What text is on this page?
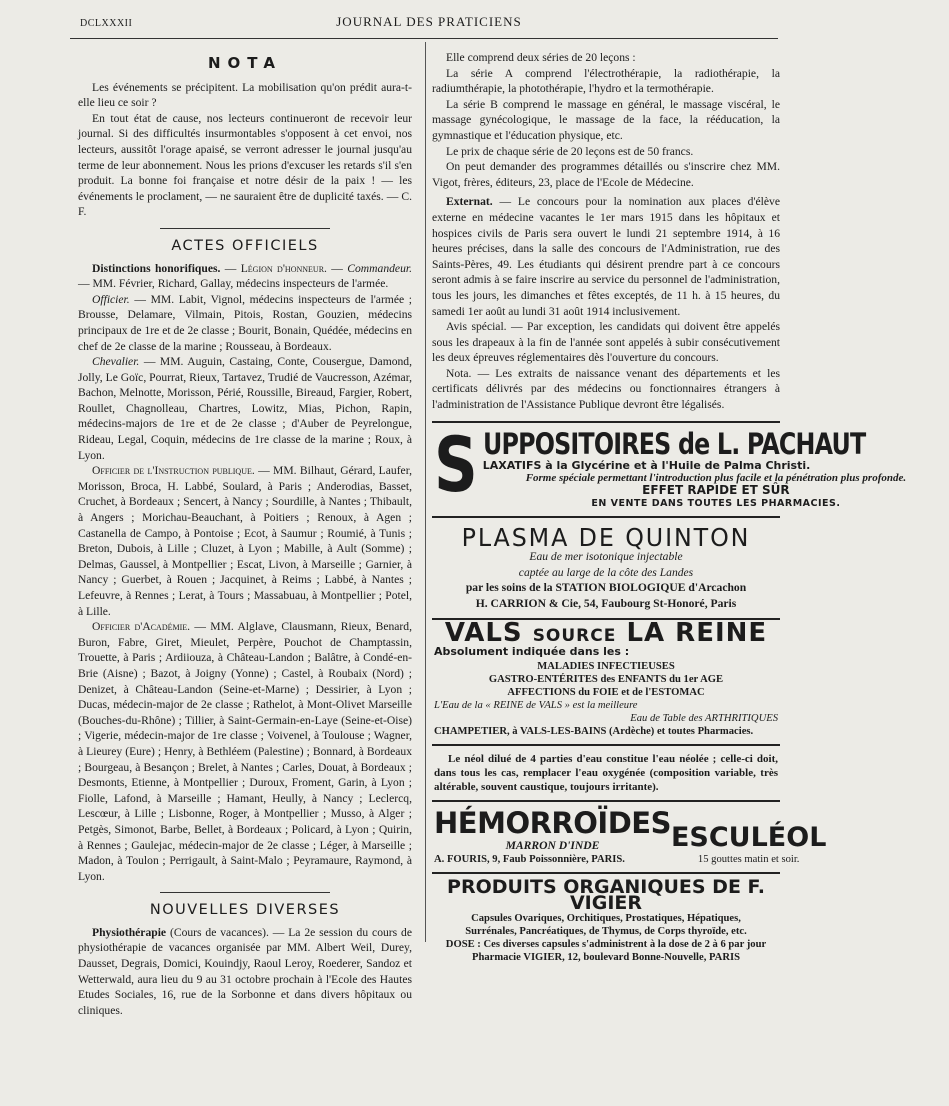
DCLXXXII	JOURNAL DES PRATICIENS
NOTA

Les événements se précipitent. La mobilisation qu'on prédit aura-t-elle lieu ce soir ?

En tout état de cause, nos lecteurs continueront de recevoir leur journal. Si des difficultés insurmontables s'opposent à cet envoi, nos lecteurs, aussitôt l'orage apaisé, se verront adresser le journal jusqu'au terme de leur abonnement. Nous les prions d'excuser les retards s'il s'en produit. La bonne foi française et notre désir de la paix ! — les événements le proclament, — ne sauraient être de duplicité taxés. — C. F.

ACTES OFFICIELS

Distinctions honorifiques. — Légion d'honneur. — Commandeur. — MM. Février, Richard, Gallay, médecins inspecteurs de l'armée.

Officier. — MM. Labit, Vignol, médecins inspecteurs de l'armée ; Brousse, Delamare, Vilmain, Pitois, Rostan, Gouzien, médecins principaux de 1re et de 2e classe ; Bourit, Bonain, Quédée, médecins en chef de 2e classe de la marine ; Rousseau, à Bordeaux.

Chevalier. — MM. Auguin, Castaing, Conte, Cousergue, Damond, Jolly, Le Goïc, Pourrat, Rieux, Tartavez, Trudié de Vaucresson, Azémar, Bachon, Melnotte, Morisson, Périé, Roussille, Bireaud, Fargier, Robert, Roullet, Chagnolleau, Chartres, Lowitz, Mias, Pichon, Rapin, médecins-majors de 1re et de 2e classe ; d'Auber de Peyrelongue, Rideau, Legal, Coquin, médecins de 1re classe de la marine ; Roux, à Lyon.

Officier de l'Instruction publique. — MM. Bilhaut, Gérard, Laufer, Morisson, Broca, H. Labbé, Soulard, à Paris ; Anderodias, Basset, Cruchet, à Bordeaux ; Sencert, à Nancy ; Sourdille, à Nantes ; Thibault, à Angers ; Morichau-Beauchant, à Poitiers ; Renoux, à Agen ; Castanella de Campo, à Pontoise ; Ecot, à Saumur ; Roumié, à Tunis ; Breton, Dubois, à Lille ; Cluzet, à Lyon ; Mabille, à Ault (Somme) ; Delmas, Gaussel, à Montpellier ; Escat, Livon, à Marseille ; Garnier, à Nancy ; Guerbet, à Rouen ; Jacquinet, à Reims ; Labbé, à Nantes ; Lefeuvre, à Rennes ; Lerat, à Tours ; Massabuau, à Montpellier ; Potel, à Lille.

Officier d'Académie. — MM. Alglave, Clausmann, Rieux, Benard, Buron, Fabre, Giret, Mieulet, Perpère, Pouchot de Champtassin, Trouette, à Paris ; Ardiiouza, à Château-Landon ; Balâtre, à Condé-en-Brie (Aisne) ; Bazot, à Joigny (Yonne) ; Castel, à Roubaix (Nord) ; Denizet, à Château-Landon (Seine-et-Marne) ; Dessirier, à Lyon ; Ducas, médecin-major de 2e classe ; Rathelot, à Mont-Olivet Marseille (Bouches-du-Rhône) ; Tillier, à Saint-Germain-en-Laye (Seine-et-Oise) ; Vigerie, médecin-major de 1re classe ; Voivenel, à Toulouse ; Wagner, à Lieurey (Eure) ; Henry, à Bethléem (Palestine) ; Bonnard, à Bordeaux ; Bourgeau, à Besançon ; Brelet, à Nantes ; Carles, Douat, à Bordeaux ; Desmonts, Etienne, à Montpellier ; Duroux, Froment, Garin, à Lyon ; Fiolle, Lafond, à Marseille ; Hamant, Heully, à Nancy ; Leclercq, Lescœur, à Lille ; Lisbonne, Roger, à Montpellier ; Musso, à Alger ; Petgès, Simonot, Barbe, Bellet, à Bordeaux ; Policard, à Lyon ; Quirin, à Rennes ; Gaulejac, médecin-major de 2e classe ; Léger, à Marseille ; Madon, à Toulon ; Perrigault, à Saint-Malo ; Peyramaure, Raymond, à Lyon.

NOUVELLES DIVERSES

Physiothérapie (Cours de vacances). — La 2e session du cours de physiothérapie de vacances organisée par MM. Albert Weil, Durey, Dausset, Degrais, Domici, Kouindjy, Raoul Leroy, Roederer, Sandoz et Wetterwald, aura lieu du 9 au 31 octobre prochain à l'Ecole des Hautes Etudes Sociales, 16, rue de la Sorbonne et dans divers hôpitaux ou cliniques.

Elle comprend deux séries de 20 leçons :

La série A comprend l'électrothérapie, la radiothérapie, la radiumthérapie, la photothérapie, l'hydro et la termothérapie.

La série B comprend le massage en général, le massage viscéral, le massage gynécologique, le massage de la face, la rééducation, la gymnastique et l'éducation physique, etc.

Le prix de chaque série de 20 leçons est de 50 francs.

On peut demander des programmes détaillés ou s'inscrire chez MM. Vigot, frères, éditeurs, 23, place de l'Ecole de Médecine.

Externat. — Le concours pour la nomination aux places d'élève externe en médecine vacantes le 1er mars 1915 dans les hôpitaux et hospices civils de Paris sera ouvert le lundi 21 septembre 1914, à 16 heures précises, dans la salle des concours de l'Administration, rue des Saints-Pères, 49. Les étudiants qui désirent prendre part à ce concours seront admis à se faire inscrire au service du personnel de l'administration, tous les jours, les dimanches et fêtes exceptés, de 11 h. à 15 heures, du samedi 1er août au lundi 31 août 1914 inclusivement.

Avis spécial. — Par exception, les candidats qui doivent être appelés sous les drapeaux à la fin de l'année sont appelés à subir consécutivement les deux épreuves réglementaires dès l'ouverture du concours.

Nota. — Les extraits de naissance venant des départements et les certificats délivrés par des médecins ou fonctionnaires étrangers à l'administration de l'Assistance Publique devront être légalisés.

S UPPOSITOIRES de L. PACHAUT
LAXATIFS à la Glycérine et à l'Huile de Palma Christi.
Forme spéciale permettant l'introduction plus facile et la pénétration plus profonde.
EFFET RAPIDE ET SÛR
EN VENTE DANS TOUTES LES PHARMACIES.
PLASMA DE QUINTON
Eau de mer isotonique injectable
captée au large de la côte des Landes
par les soins de la STATION BIOLOGIQUE d'Arcachon
H. CARRION & Cie, 54, Faubourg St-Honoré, Paris
VALS SOURCE LA REINE
Absolument indiquée dans les :
MALADIES INFECTIEUSES
GASTRO-ENTÉRITES des ENFANTS du 1er AGE
AFFECTIONS du FOIE et de l'ESTOMAC
L'Eau de la « REINE de VALS » est la meilleure
Eau de Table des ARTHRITIQUES
CHAMPETIER, à VALS-LES-BAINS (Ardèche) et toutes Pharmacies.

Le néol dilué de 4 parties d'eau constitue l'eau néolée ; celle-ci doit, dans tous les cas, remplacer l'eau oxygénée (composition variable, très altérable, souvent caustique, toujours irritante).

HÉMORROÏDES
MARRON D'INDE
A. FOURIS, 9, Faub Poissonnière, PARIS.
ESCULÉOL
15 gouttes matin et soir.
PRODUITS ORGANIQUES DE F. VIGIER
Capsules Ovariques, Orchitiques, Prostatiques, Hépatiques,
Surrénales, Pancréatiques, de Thymus, de Corps thyroïde, etc.
DOSE : Ces diverses capsules s'administrent à la dose de 2 à 6 par jour
Pharmacie VIGIER, 12, boulevard Bonne-Nouvelle, PARIS
